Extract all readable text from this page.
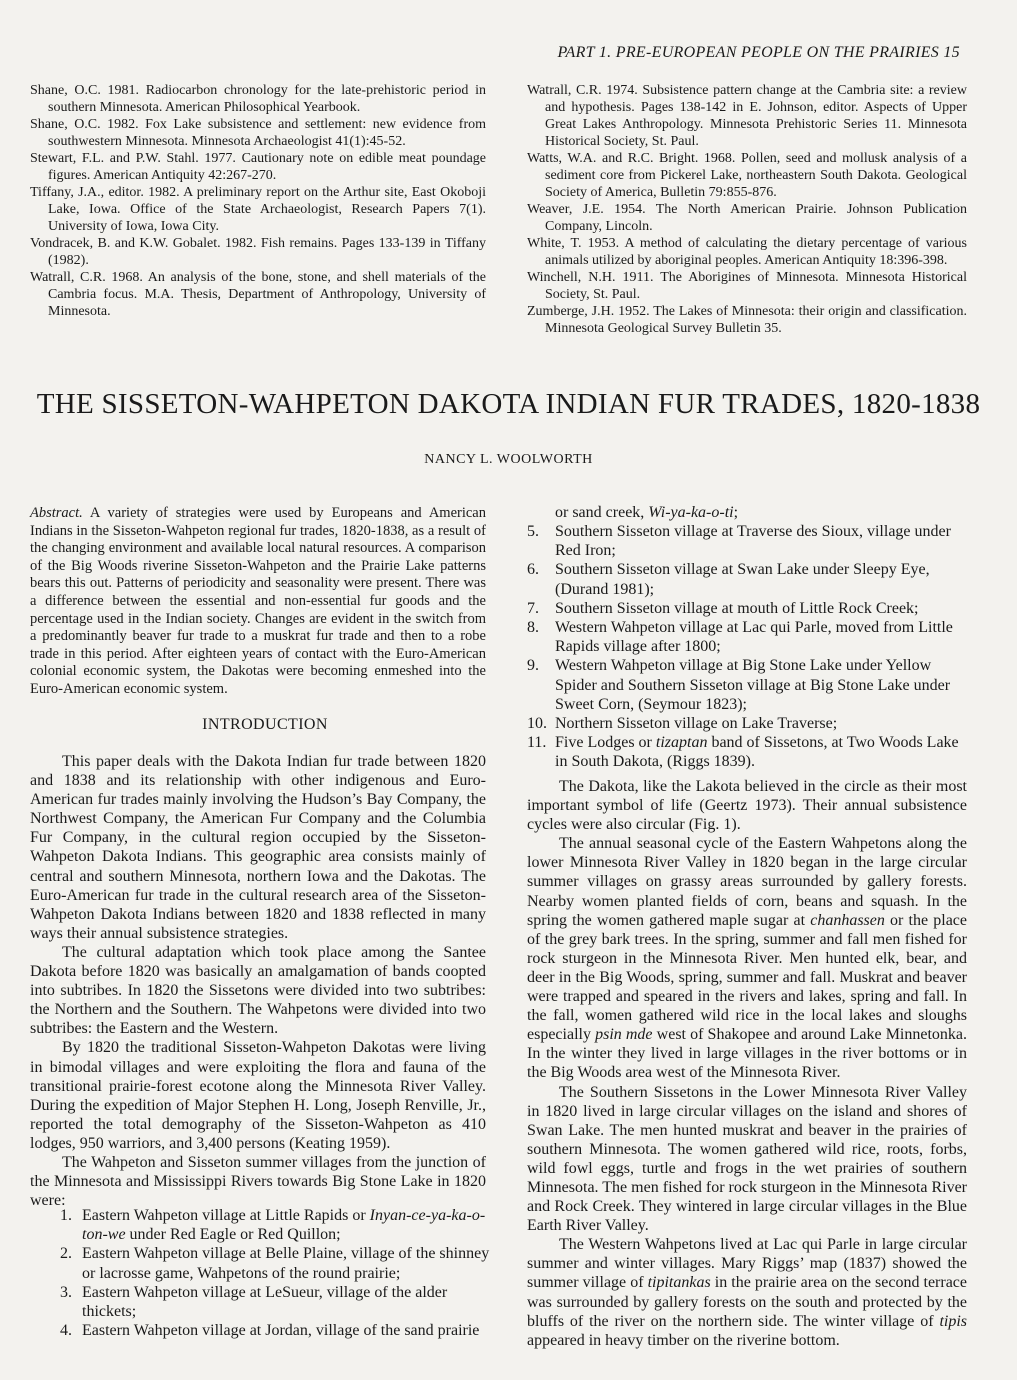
PART 1. PRE-EUROPEAN PEOPLE ON THE PRAIRIES 15

Shane, O.C. 1981. Radiocarbon chronology for the late-prehistoric period in southern Minnesota. American Philosophical Yearbook.

Shane, O.C. 1982. Fox Lake subsistence and settlement: new evidence from southwestern Minnesota. Minnesota Archaeologist 41(1):45-52.

Stewart, F.L. and P.W. Stahl. 1977. Cautionary note on edible meat poundage figures. American Antiquity 42:267-270.

Tiffany, J.A., editor. 1982. A preliminary report on the Arthur site, East Okoboji Lake, Iowa. Office of the State Archaeologist, Research Papers 7(1). University of Iowa, Iowa City.

Vondracek, B. and K.W. Gobalet. 1982. Fish remains. Pages 133-139 in Tiffany (1982).

Watrall, C.R. 1968. An analysis of the bone, stone, and shell materials of the Cambria focus. M.A. Thesis, Department of Anthropology, University of Minnesota.

Watrall, C.R. 1974. Subsistence pattern change at the Cambria site: a review and hypothesis. Pages 138-142 in E. Johnson, editor. Aspects of Upper Great Lakes Anthropology. Minnesota Prehistoric Series 11. Minnesota Historical Society, St. Paul.

Watts, W.A. and R.C. Bright. 1968. Pollen, seed and mollusk analysis of a sediment core from Pickerel Lake, northeastern South Dakota. Geological Society of America, Bulletin 79:855-876.

Weaver, J.E. 1954. The North American Prairie. Johnson Publication Company, Lincoln.

White, T. 1953. A method of calculating the dietary percentage of various animals utilized by aboriginal peoples. American Antiquity 18:396-398.

Winchell, N.H. 1911. The Aborigines of Minnesota. Minnesota Historical Society, St. Paul.

Zumberge, J.H. 1952. The Lakes of Minnesota: their origin and classification. Minnesota Geological Survey Bulletin 35.

THE SISSETON-WAHPETON DAKOTA INDIAN FUR TRADES, 1820-1838
NANCY L. WOOLWORTH
Abstract. A variety of strategies were used by Europeans and American Indians in the Sisseton-Wahpeton regional fur trades, 1820-1838, as a result of the changing environment and available local natural resources. A comparison of the Big Woods riverine Sisseton-Wahpeton and the Prairie Lake patterns bears this out. Patterns of periodicity and seasonality were present. There was a difference between the essential and non-essential fur goods and the percentage used in the Indian society. Changes are evident in the switch from a predominantly beaver fur trade to a muskrat fur trade and then to a robe trade in this period. After eighteen years of contact with the Euro-American colonial economic system, the Dakotas were becoming enmeshed into the Euro-American economic system.
INTRODUCTION

This paper deals with the Dakota Indian fur trade between 1820 and 1838 and its relationship with other indigenous and Euro-American fur trades mainly involving the Hudson’s Bay Company, the Northwest Company, the American Fur Company and the Columbia Fur Company, in the cultural region occupied by the Sisseton-Wahpeton Dakota Indians. This geographic area consists mainly of central and southern Minnesota, northern Iowa and the Dakotas. The Euro-American fur trade in the cultural research area of the Sisseton-Wahpeton Dakota Indians between 1820 and 1838 reflected in many ways their annual subsistence strategies.

The cultural adaptation which took place among the Santee Dakota before 1820 was basically an amalgamation of bands coopted into subtribes. In 1820 the Sissetons were divided into two subtribes: the Northern and the Southern. The Wahpetons were divided into two subtribes: the Eastern and the Western.

By 1820 the traditional Sisseton-Wahpeton Dakotas were living in bimodal villages and were exploiting the flora and fauna of the transitional prairie-forest ecotone along the Minnesota River Valley. During the expedition of Major Stephen H. Long, Joseph Renville, Jr., reported the total demography of the Sisseton-Wahpeton as 410 lodges, 950 warriors, and 3,400 persons (Keating 1959).

The Wahpeton and Sisseton summer villages from the junction of the Minnesota and Mississippi Rivers towards Big Stone Lake in 1820 were:

1. Eastern Wahpeton village at Little Rapids or Inyan-ce-ya-ka-o-ton-we under Red Eagle or Red Quillon;
2. Eastern Wahpeton village at Belle Plaine, village of the shinney or lacrosse game, Wahpetons of the round prairie;
3. Eastern Wahpeton village at LeSueur, village of the alder thickets;
4. Eastern Wahpeton village at Jordan, village of the sand prairie
or sand creek, Wi-ya-ka-o-ti;
5. Southern Sisseton village at Traverse des Sioux, village under Red Iron;
6. Southern Sisseton village at Swan Lake under Sleepy Eye, (Durand 1981);
7. Southern Sisseton village at mouth of Little Rock Creek;
8. Western Wahpeton village at Lac qui Parle, moved from Little Rapids village after 1800;
9. Western Wahpeton village at Big Stone Lake under Yellow Spider and Southern Sisseton village at Big Stone Lake under Sweet Corn, (Seymour 1823);
10. Northern Sisseton village on Lake Traverse;
11. Five Lodges or tizaptan band of Sissetons, at Two Woods Lake in South Dakota, (Riggs 1839).

The Dakota, like the Lakota believed in the circle as their most important symbol of life (Geertz 1973). Their annual subsistence cycles were also circular (Fig. 1).

The annual seasonal cycle of the Eastern Wahpetons along the lower Minnesota River Valley in 1820 began in the large circular summer villages on grassy areas surrounded by gallery forests. Nearby women planted fields of corn, beans and squash. In the spring the women gathered maple sugar at chanhassen or the place of the grey bark trees. In the spring, summer and fall men fished for rock sturgeon in the Minnesota River. Men hunted elk, bear, and deer in the Big Woods, spring, summer and fall. Muskrat and beaver were trapped and speared in the rivers and lakes, spring and fall. In the fall, women gathered wild rice in the local lakes and sloughs especially psin mde west of Shakopee and around Lake Minnetonka. In the winter they lived in large villages in the river bottoms or in the Big Woods area west of the Minnesota River.

The Southern Sissetons in the Lower Minnesota River Valley in 1820 lived in large circular villages on the island and shores of Swan Lake. The men hunted muskrat and beaver in the prairies of southern Minnesota. The women gathered wild rice, roots, forbs, wild fowl eggs, turtle and frogs in the wet prairies of southern Minnesota. The men fished for rock sturgeon in the Minnesota River and Rock Creek. They wintered in large circular villages in the Blue Earth River Valley.

The Western Wahpetons lived at Lac qui Parle in large circular summer and winter villages. Mary Riggs’ map (1837) showed the summer village of tipitankas in the prairie area on the second terrace was surrounded by gallery forests on the south and protected by the bluffs of the river on the northern side. The winter village of tipis appeared in heavy timber on the riverine bottom.
